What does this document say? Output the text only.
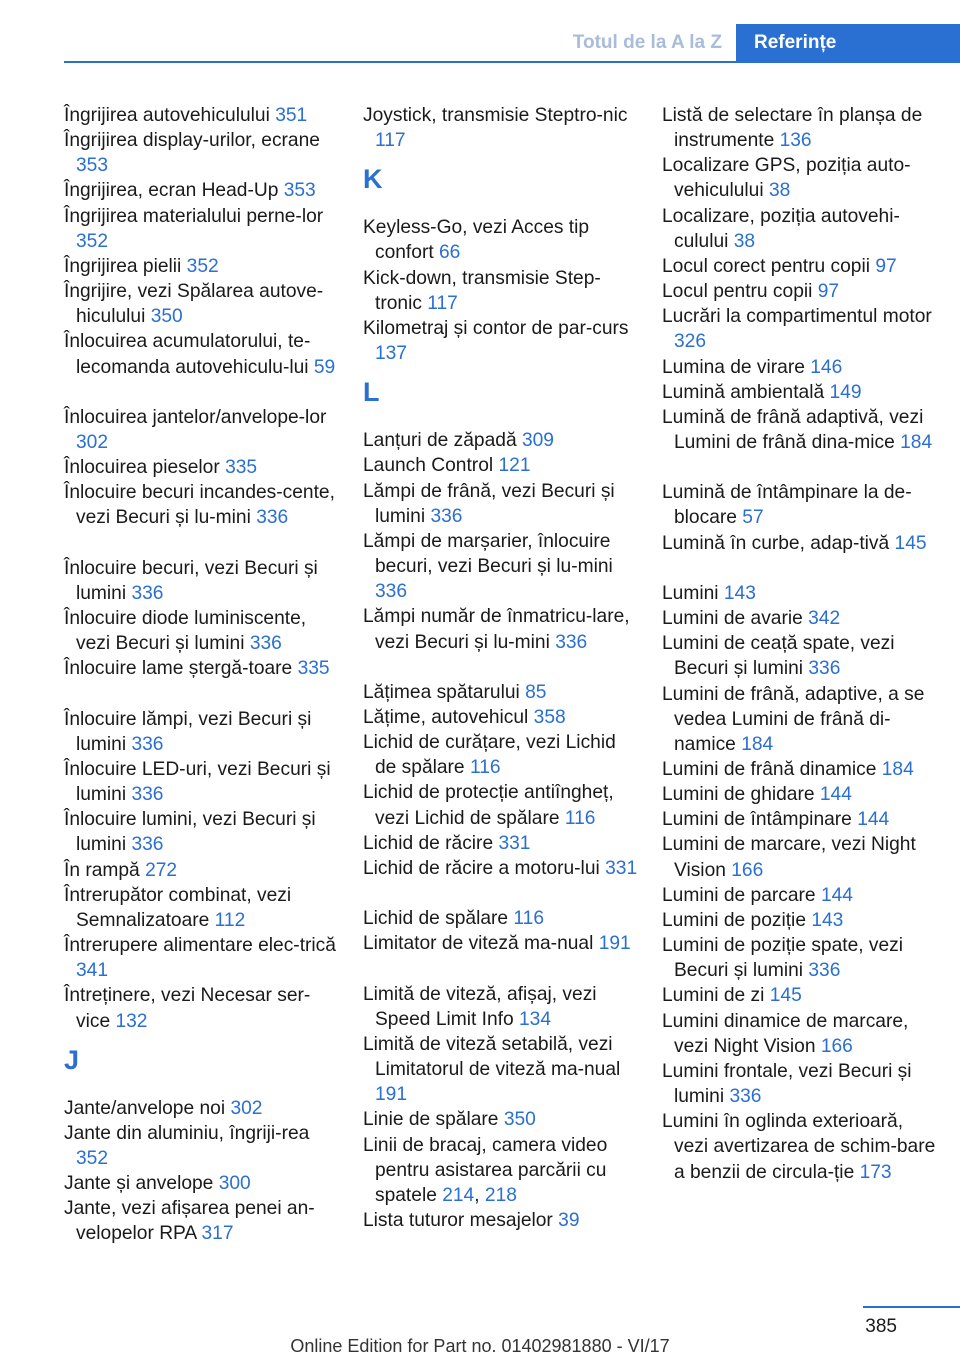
Totul de la A la Z	Referințe
Îngrijirea autovehiculului 351
Îngrijirea display-urilor, ecrane 353
Îngrijirea, ecran Head-Up 353
Îngrijirea materialului perne-lor 352
Îngrijirea pielii 352
Îngrijire, vezi Spălarea autove-hiculului 350
Înlocuirea acumulatorului, te-lecomanda autovehiculu-lui 59
Înlocuirea jantelor/anvelope-lor 302
Înlocuirea pieselor 335
Înlocuire becuri incandes-cente, vezi Becuri și lu-mini 336
Înlocuire becuri, vezi Becuri și lumini 336
Înlocuire diode luminiscente, vezi Becuri și lumini 336
Înlocuire lame ștergă-toare 335
Înlocuire lămpi, vezi Becuri și lumini 336
Înlocuire LED-uri, vezi Becuri și lumini 336
Înlocuire lumini, vezi Becuri și lumini 336
În rampă 272
Întrerupător combinat, vezi Semnalizatoare 112
Întrerupere alimentare elec-trică 341
Întreținere, vezi Necesar ser-vice 132
J
Jante/anvelope noi 302
Jante din aluminiu, îngriji-rea 352
Jante și anvelope 300
Jante, vezi afișarea penei an-velopelor RPA 317
Joystick, transmisie Steptro-nic 117
K
Keyless-Go, vezi Acces tip confort 66
Kick-down, transmisie Step-tronic 117
Kilometraj și contor de par-curs 137
L
Lanțuri de zăpadă 309
Launch Control 121
Lămpi de frână, vezi Becuri și lumini 336
Lămpi de marșarier, înlocuire becuri, vezi Becuri și lu-mini 336
Lămpi număr de înmatricu-lare, vezi Becuri și lu-mini 336
Lățimea spătarului 85
Lățime, autovehicul 358
Lichid de curățare, vezi Lichid de spălare 116
Lichid de protecție antiîngheț, vezi Lichid de spălare 116
Lichid de răcire 331
Lichid de răcire a motoru-lui 331
Lichid de spălare 116
Limitator de viteză ma-nual 191
Limită de viteză, afișaj, vezi Speed Limit Info 134
Limită de viteză setabilă, vezi Limitatorul de viteză ma-nual 191
Linie de spălare 350
Linii de bracaj, camera video pentru asistarea parcării cu spatele 214, 218
Lista tuturor mesajelor 39
Listă de selectare în planșa de instrumente 136
Localizare GPS, poziția auto-vehiculului 38
Localizare, poziția autovehi-culului 38
Locul corect pentru copii 97
Locul pentru copii 97
Lucrări la compartimentul motor 326
Lumina de virare 146
Lumină ambientală 149
Lumină de frână adaptivă, vezi Lumini de frână dina-mice 184
Lumină de întâmpinare la de-blocare 57
Lumină în curbe, adap-tivă 145
Lumini 143
Lumini de avarie 342
Lumini de ceață spate, vezi Becuri și lumini 336
Lumini de frână, adaptive, a se vedea Lumini de frână di-namice 184
Lumini de frână dinamice 184
Lumini de ghidare 144
Lumini de întâmpinare 144
Lumini de marcare, vezi Night Vision 166
Lumini de parcare 144
Lumini de poziție 143
Lumini de poziție spate, vezi Becuri și lumini 336
Lumini de zi 145
Lumini dinamice de marcare, vezi Night Vision 166
Lumini frontale, vezi Becuri și lumini 336
Lumini în oglinda exterioară, vezi avertizarea de schim-bare a benzii de circula-ție 173
385
Online Edition for Part no. 01402981880 - VI/17
